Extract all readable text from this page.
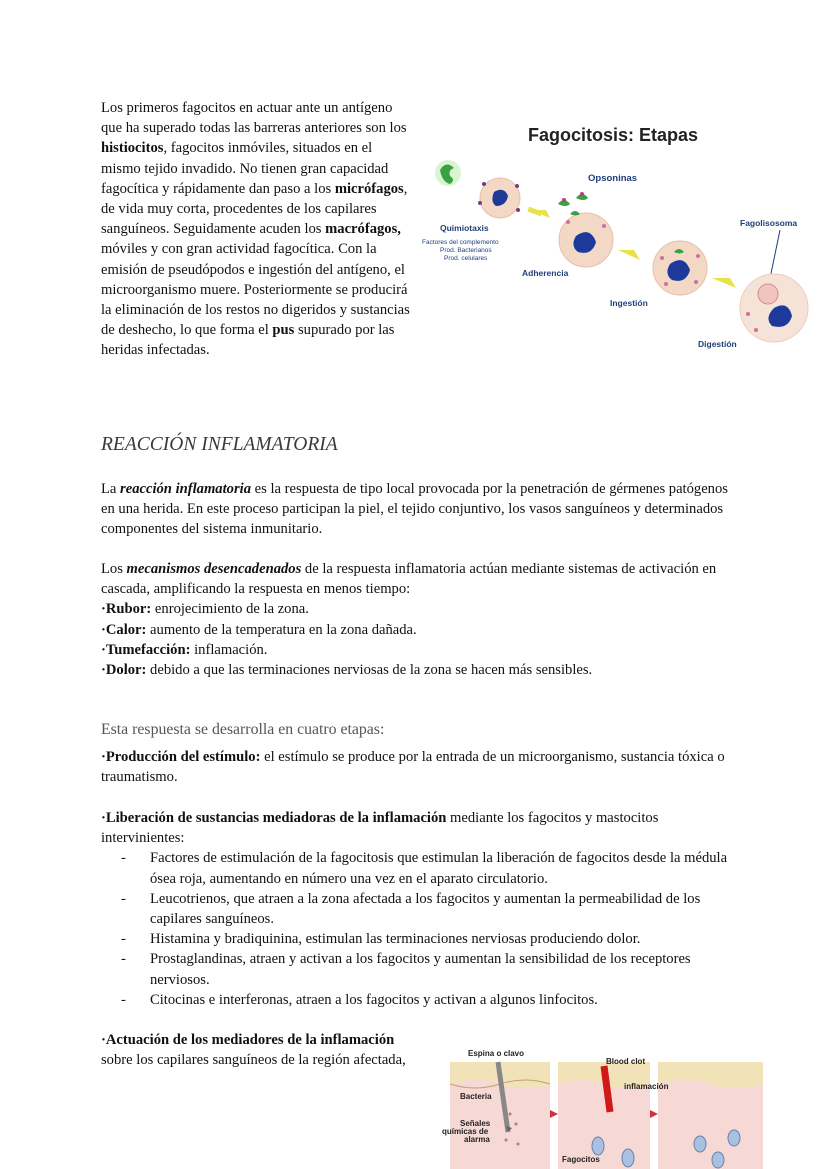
Los primeros fagocitos en actuar ante un antígeno que ha superado todas las barreras anteriores son los histiocitos, fagocitos inmóviles, situados en el mismo tejido invadido. No tienen gran capacidad fagocítica y rápidamente dan paso a los micrófagos, de vida muy corta, procedentes de los capilares sanguíneos. Seguidamente acuden los macrófagos, móviles y con gran actividad fagocítica. Con la emisión de pseudópodos e ingestión del antígeno, el microorganismo muere. Posteriormente se producirá la eliminación de los restos no digeridos y sustancias de deshecho, lo que forma el pus supurado por las heridas infectadas.

Fagocitosis: Etapas
Opsoninas
Quimiotaxis
Factores del complemento
Prod. Bacterianos
Prod. celulares
Adherencia
Ingestión
Fagolisosoma
Digestión
REACCIÓN INFLAMATORIA

La reacción inflamatoria es la respuesta de tipo local provocada por la penetración de gérmenes patógenos en una herida. En este proceso participan la piel, el tejido conjuntivo, los vasos sanguíneos y determinados componentes del sistema inmunitario.

Los mecanismos desencadenados de la respuesta inflamatoria actúan mediante sistemas de activación en cascada, amplificando la respuesta en menos tiempo:
·Rubor: enrojecimiento de la zona.
·Calor: aumento de la temperatura en la zona dañada.
·Tumefacción: inflamación.
·Dolor: debido a que las terminaciones nerviosas de la zona se hacen más sensibles.

Esta respuesta se desarrolla en cuatro etapas:

·Producción del estímulo: el estímulo se produce por la entrada de un microorganismo, sustancia tóxica o traumatismo.

·Liberación de sustancias mediadoras de la inflamación mediante los fagocitos y mastocitos intervinientes:
- Factores de estimulación de la fagocitosis que estimulan la liberación de fagocitos desde la médula ósea roja, aumentando en número una vez en el aparato circulatorio.
- Leucotrienos, que atraen a la zona afectada a los fagocitos y aumentan la permeabilidad de los capilares sanguíneos.
- Histamina y bradiquinina, estimulan las terminaciones nerviosas produciendo dolor.
- Prostaglandinas, atraen y activan a los fagocitos y aumentan la sensibilidad de los receptores nerviosos.
- Citocinas e interferonas, atraen a los fagocitos y activan a algunos linfocitos.
·Actuación de los mediadores de la inflamación
sobre los capilares sanguíneos de la región afectada,	Espina o clavo
Blood clot
inflamación
Bacteria
Señales
químicas de
alarma
Fagocitos
